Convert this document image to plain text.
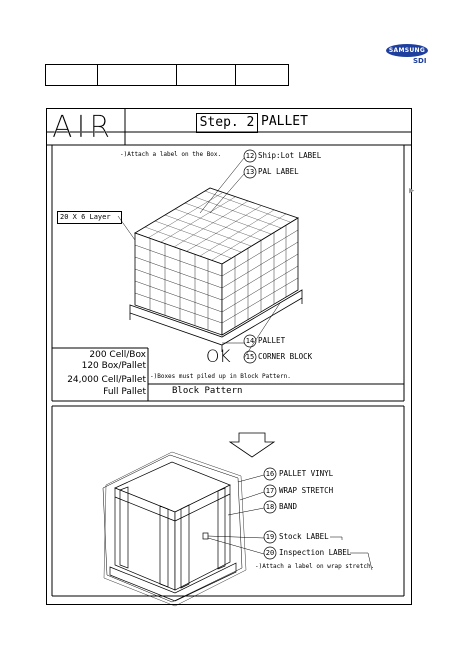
SAMSUNG
SDI

AIR	Step. 2 PALLET
-)Attach a label on the Box.
20 X 6 Layer
12 Ship:Lot LABEL
13 PAL LABEL
14 PALLET
15 CORNER BLOCK
OK
-)Boxes must piled up in Block Pattern.
200 Cell/Box
120 Box/Pallet
24,000 Cell/Pallet
Full Pallet	Block Pattern
16 PALLET VINYL
17 WRAP STRETCH
18 BAND
19 Stock LABEL
20 Inspection LABEL
-)Attach a label on wrap stretch.
▶
